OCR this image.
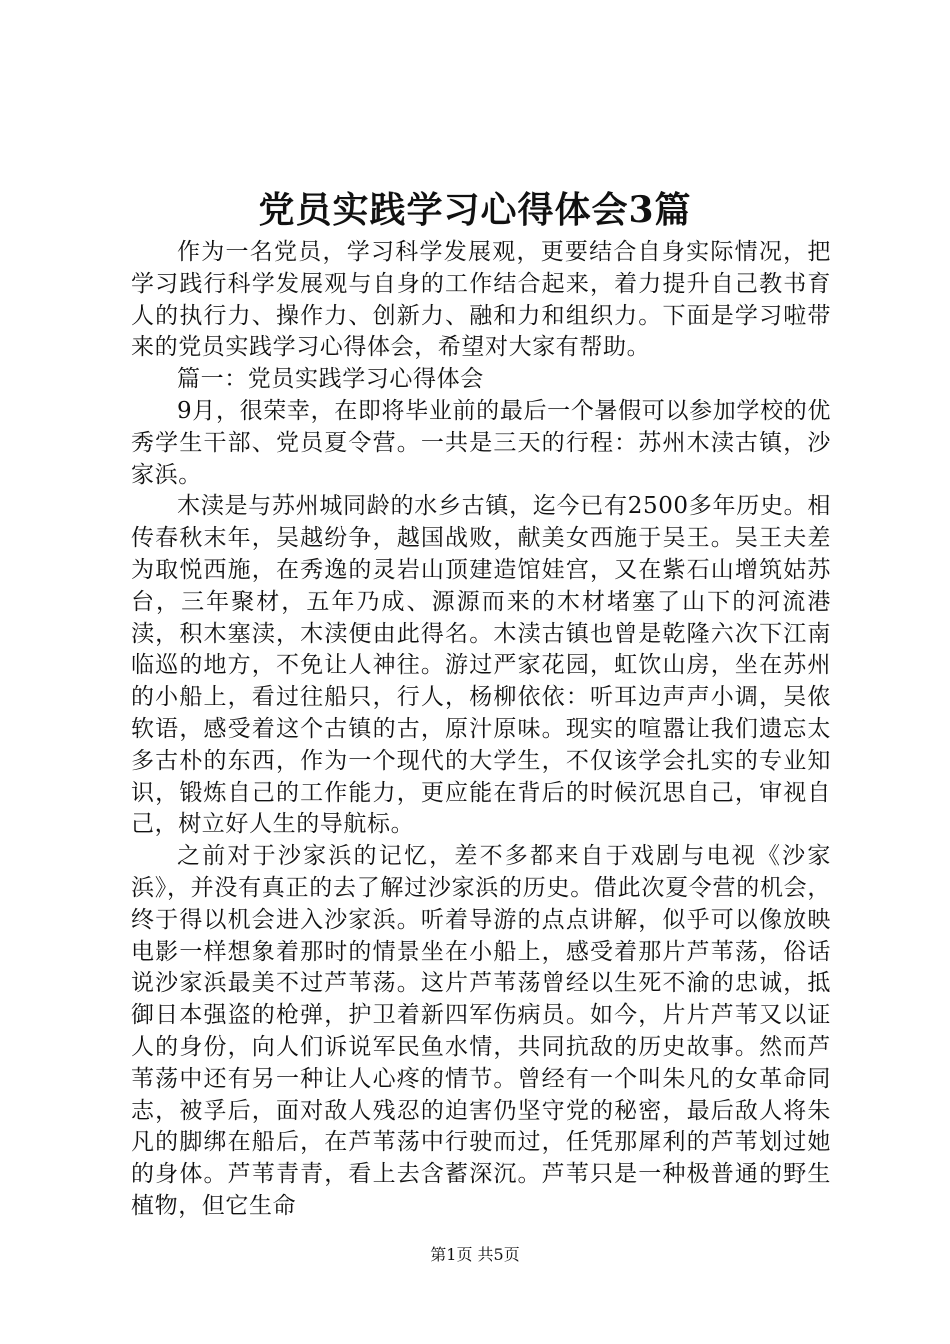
党员实践学习心得体会3篇

作为一名党员，学习科学发展观，更要结合自身实际情况，把学习践行科学发展观与自身的工作结合起来，着力提升自己教书育人的执行力、操作力、创新力、融和力和组织力。下面是学习啦带来的党员实践学习心得体会，希望对大家有帮助。

篇一：党员实践学习心得体会

9月，很荣幸，在即将毕业前的最后一个暑假可以参加学校的优秀学生干部、党员夏令营。一共是三天的行程：苏州木渎古镇，沙家浜。

木渎是与苏州城同龄的水乡古镇，迄今已有2500多年历史。相传春秋末年，吴越纷争，越国战败，献美女西施于吴王。吴王夫差为取悦西施，在秀逸的灵岩山顶建造馆娃宫，又在紫石山增筑姑苏台，三年聚材，五年乃成、源源而来的木材堵塞了山下的河流港渎，积木塞渎，木渎便由此得名。木渎古镇也曾是乾隆六次下江南临巡的地方，不免让人神往。游过严家花园，虹饮山房，坐在苏州的小船上，看过往船只，行人，杨柳依依：听耳边声声小调，吴侬软语，感受着这个古镇的古，原汁原味。现实的喧嚣让我们遗忘太多古朴的东西，作为一个现代的大学生，不仅该学会扎实的专业知识，锻炼自己的工作能力，更应能在背后的时候沉思自己，审视自己，树立好人生的导航标。

之前对于沙家浜的记忆，差不多都来自于戏剧与电视《沙家浜》，并没有真正的去了解过沙家浜的历史。借此次夏令营的机会，终于得以机会进入沙家浜。听着导游的点点讲解，似乎可以像放映电影一样想象着那时的情景坐在小船上，感受着那片芦苇荡，俗话说沙家浜最美不过芦苇荡。这片芦苇荡曾经以生死不渝的忠诚，抵御日本强盗的枪弹，护卫着新四军伤病员。如今，片片芦苇又以证人的身份，向人们诉说军民鱼水情，共同抗敌的历史故事。然而芦苇荡中还有另一种让人心疼的情节。曾经有一个叫朱凡的女革命同志，被孚后，面对敌人残忍的迫害仍坚守党的秘密，最后敌人将朱凡的脚绑在船后，在芦苇荡中行驶而过，任凭那犀利的芦苇划过她的身体。芦苇青青，看上去含蓄深沉。芦苇只是一种极普通的野生植物，但它生命

第1页 共5页
